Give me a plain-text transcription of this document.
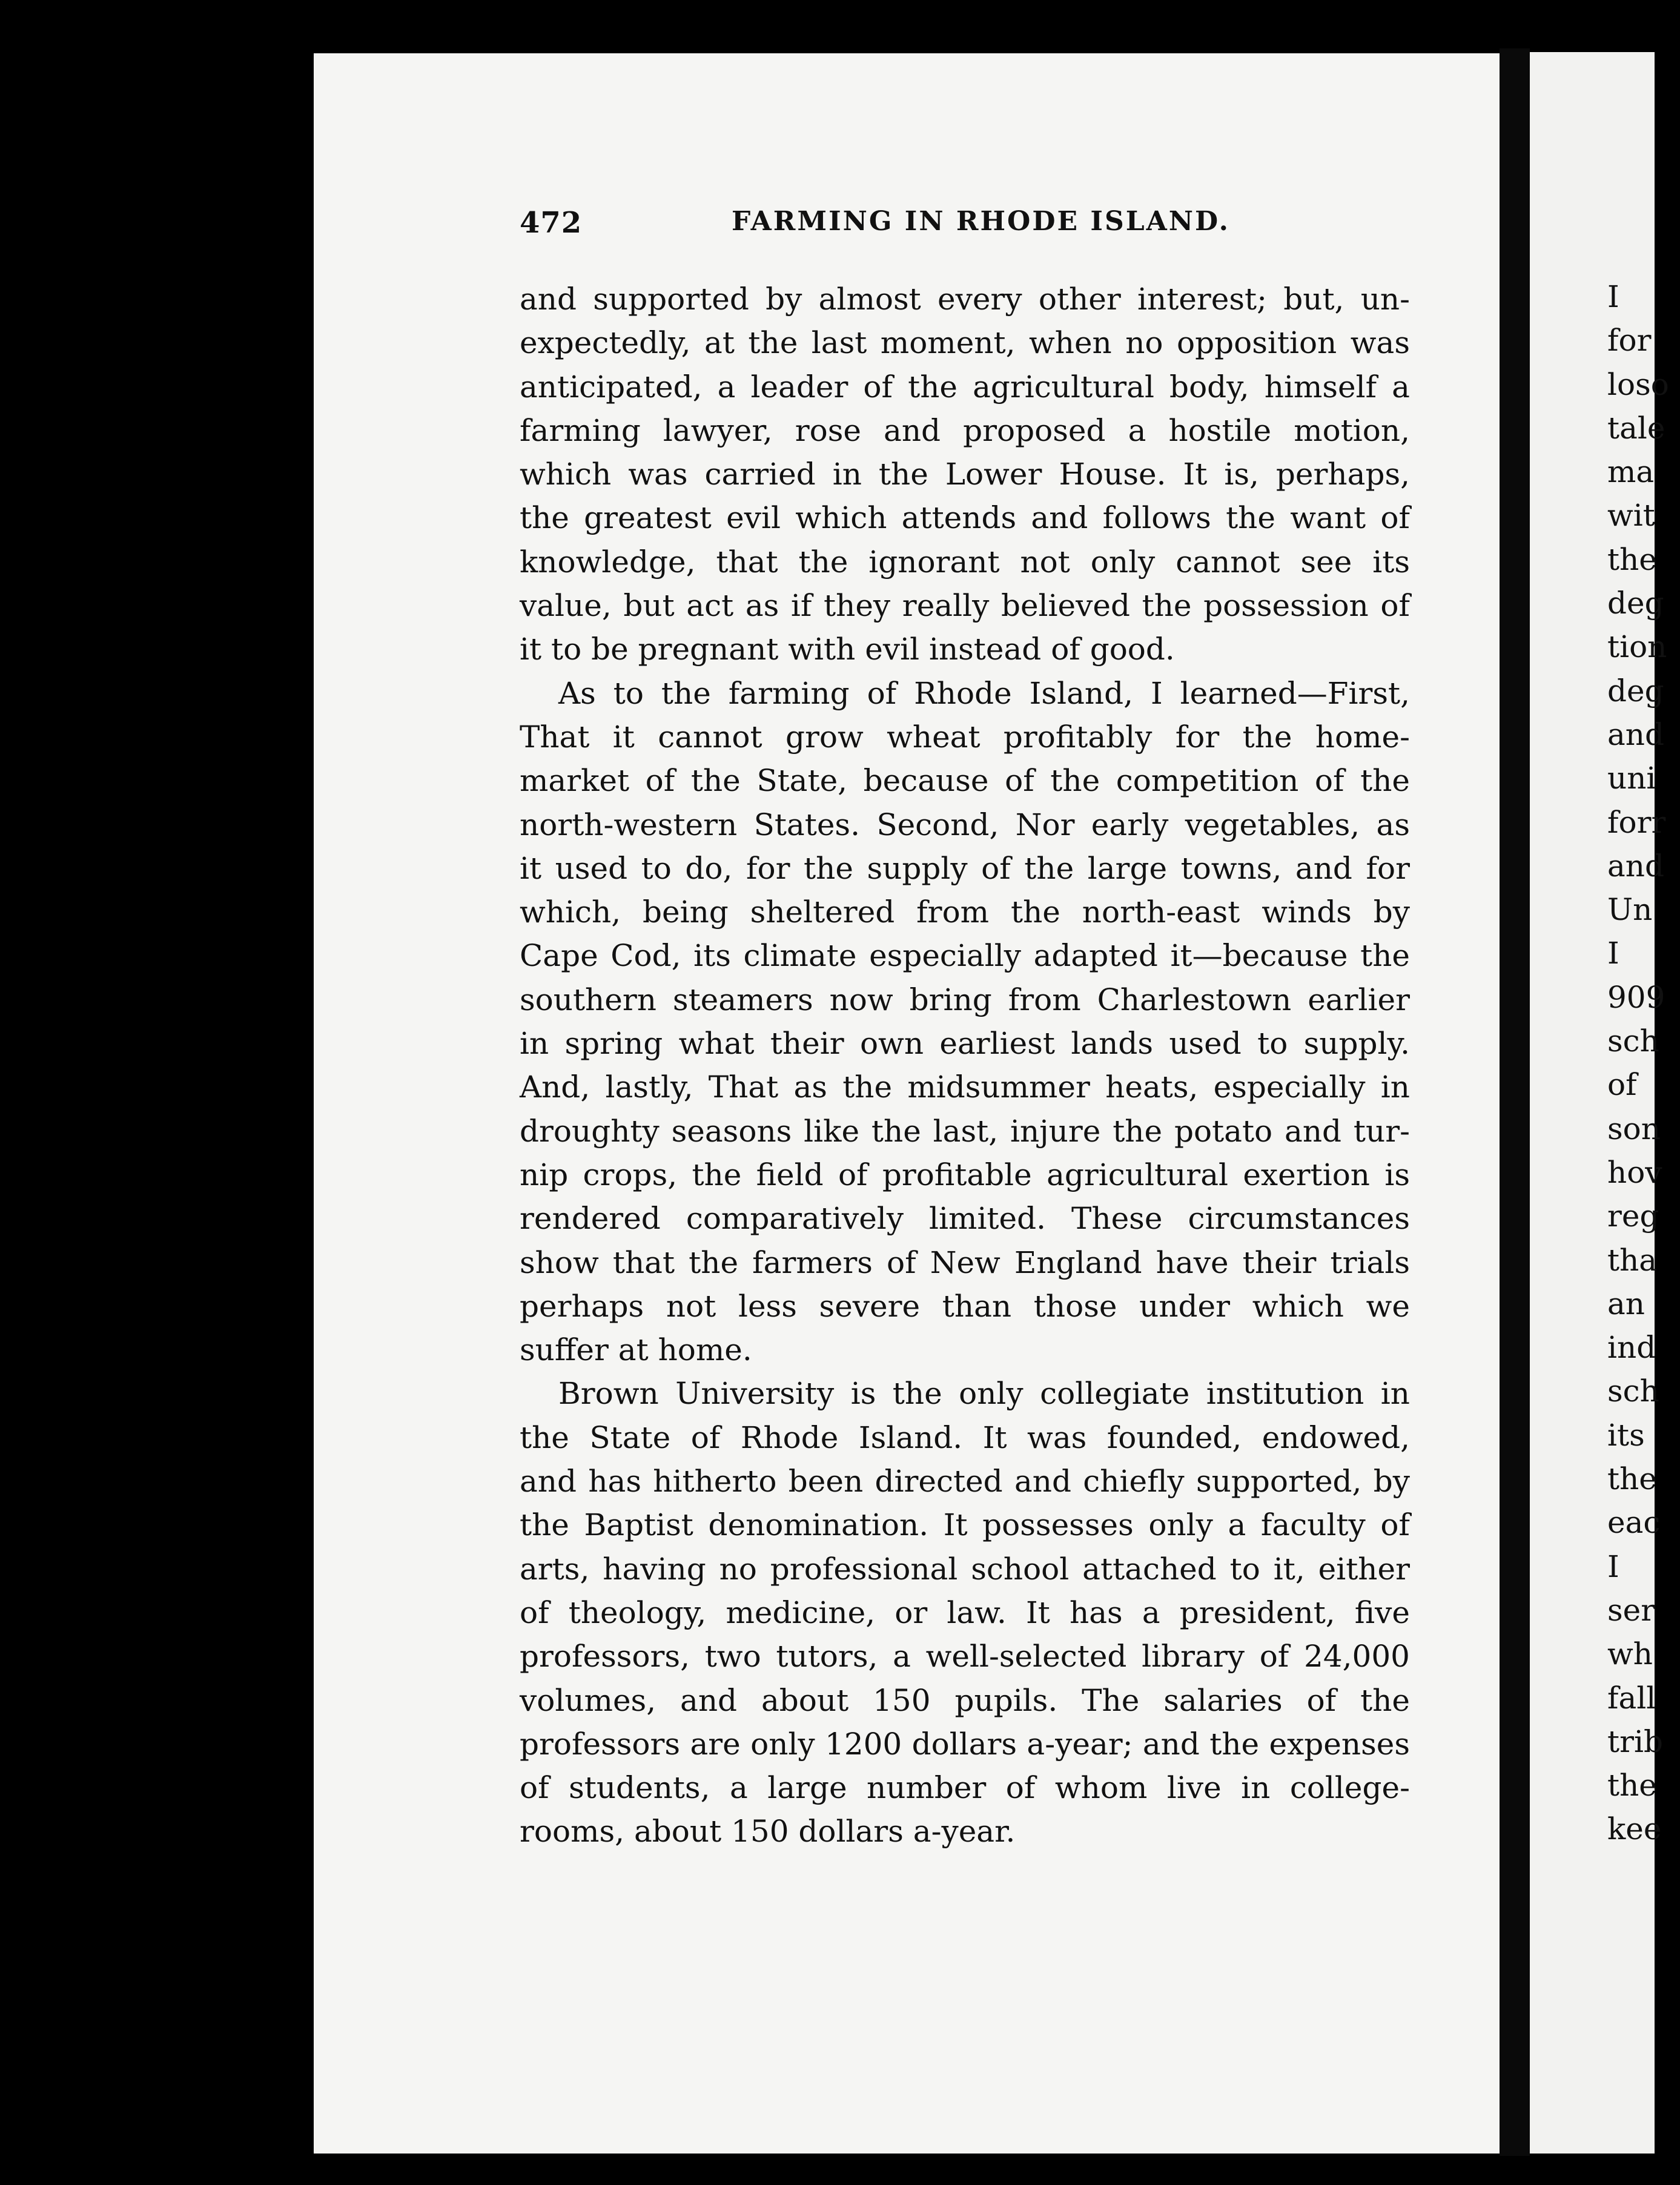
I
for
loso
tale
ma
wit
the
deg
tion
deg
and
uni
forr
and
Un
I
909
sch
of
son
hov
reg
tha
an
ind
sch
its
the
eac
I
ser
wh
fall
trib
the
kee
472	FARMING IN RHODE ISLAND.
and supported by almost every other interest; but, un-
expectedly, at the last moment, when no opposition was
anticipated, a leader of the agricultural body, himself a
farming lawyer, rose and proposed a hostile motion,
which was carried in the Lower House. It is, perhaps,
the greatest evil which attends and follows the want of
knowledge, that the ignorant not only cannot see its
value, but act as if they really believed the possession of
it to be pregnant with evil instead of good.
As to the farming of Rhode Island, I learned—First,
That it cannot grow wheat profitably for the home-
market of the State, because of the competition of the
north-western States. Second, Nor early vegetables, as
it used to do, for the supply of the large towns, and for
which, being sheltered from the north-east winds by
Cape Cod, its climate especially adapted it—because the
southern steamers now bring from Charlestown earlier
in spring what their own earliest lands used to supply.
And, lastly, That as the midsummer heats, especially in
droughty seasons like the last, injure the potato and tur-
nip crops, the field of profitable agricultural exertion is
rendered comparatively limited. These circumstances
show that the farmers of New England have their trials
perhaps not less severe than those under which we
suffer at home.
Brown University is the only collegiate institution in
the State of Rhode Island. It was founded, endowed,
and has hitherto been directed and chiefly supported, by
the Baptist denomination. It possesses only a faculty of
arts, having no professional school attached to it, either
of theology, medicine, or law. It has a president, five
professors, two tutors, a well-selected library of 24,000
volumes, and about 150 pupils. The salaries of the
professors are only 1200 dollars a-year; and the expenses
of students, a large number of whom live in college-
rooms, about 150 dollars a-year.
